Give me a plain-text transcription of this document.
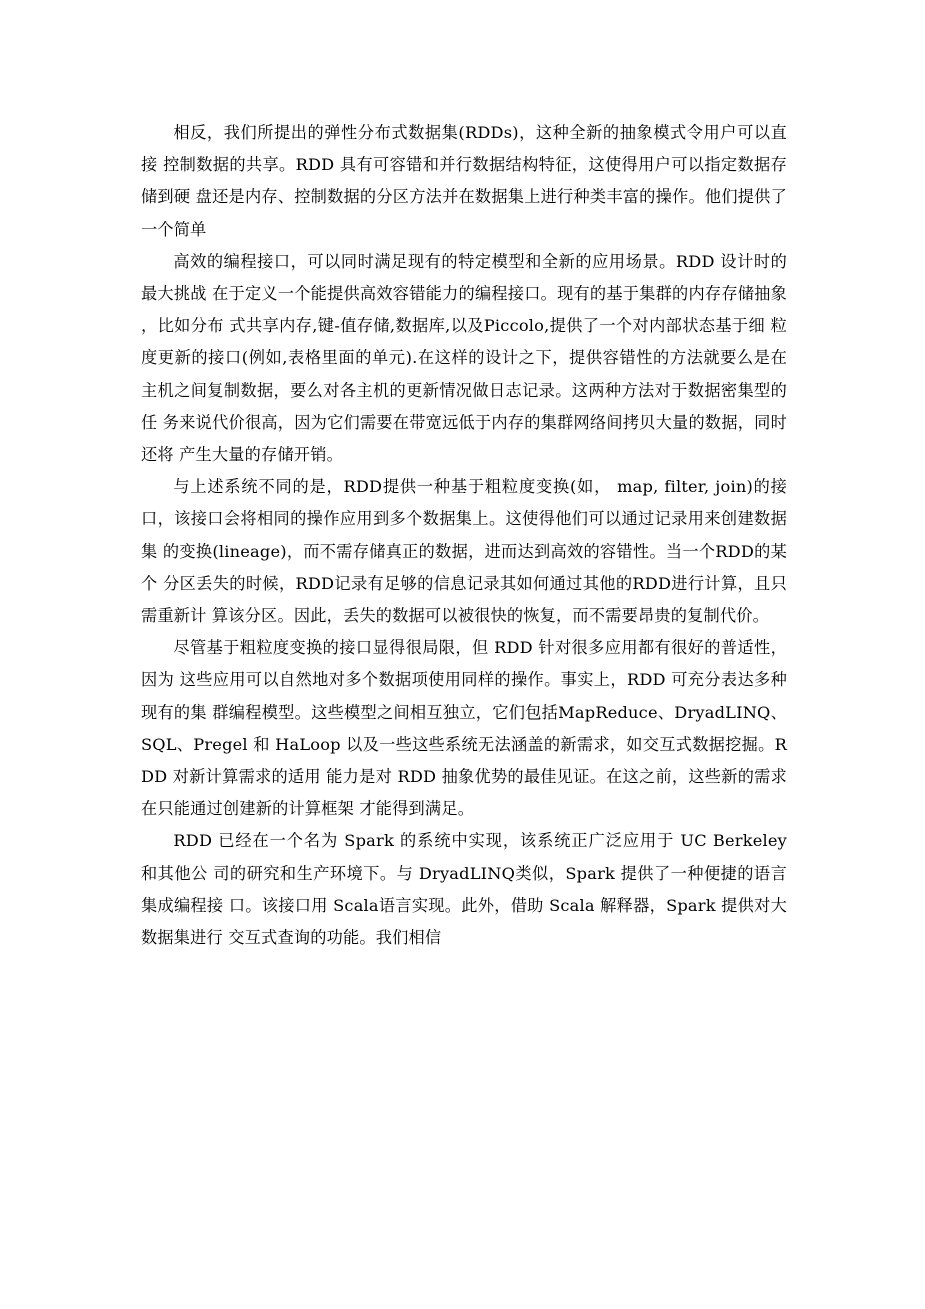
相反，我们所提出的弹性分布式数据集(RDDs)，这种全新的抽象模式令用户可以直接 控制数据的共享。RDD 具有可容错和并行数据结构特征，这使得用户可以指定数据存储到硬 盘还是内存、控制数据的分区方法并在数据集上进行种类丰富的操作。他们提供了一个简单

高效的编程接口，可以同时满足现有的特定模型和全新的应用场景。RDD 设计时的最大挑战 在于定义一个能提供高效容错能力的编程接口。现有的基于集群的内存存储抽象，比如分布 式共享内存,键-值存储,数据库,以及Piccolo,提供了一个对内部状态基于细 粒度更新的接口(例如,表格里面的单元).在这样的设计之下，提供容错性的方法就要么是在 主机之间复制数据，要么对各主机的更新情况做日志记录。这两种方法对于数据密集型的任 务来说代价很高，因为它们需要在带宽远低于内存的集群网络间拷贝大量的数据，同时还将 产生大量的存储开销。

与上述系统不同的是，RDD提供一种基于粗粒度变换(如， map, filter, join)的接 口，该接口会将相同的操作应用到多个数据集上。这使得他们可以通过记录用来创建数据集 的变换(lineage)，而不需存储真正的数据，进而达到高效的容错性。当一个RDD的某个 分区丢失的时候，RDD记录有足够的信息记录其如何通过其他的RDD进行计算，且只需重新计 算该分区。因此，丢失的数据可以被很快的恢复，而不需要昂贵的复制代价。

尽管基于粗粒度变换的接口显得很局限，但 RDD 针对很多应用都有很好的普适性，因为 这些应用可以自然地对多个数据项使用同样的操作。事实上，RDD 可充分表达多种现有的集 群编程模型。这些模型之间相互独立，它们包括MapReduce、DryadLINQ、SQL、Pregel 和 HaLoop 以及一些这些系统无法涵盖的新需求，如交互式数据挖掘。RDD 对新计算需求的适用 能力是对 RDD 抽象优势的最佳见证。在这之前，这些新的需求在只能通过创建新的计算框架 才能得到满足。

RDD 已经在一个名为 Spark 的系统中实现，该系统正广泛应用于 UC Berkeley 和其他公 司的研究和生产环境下。与 DryadLINQ类似，Spark 提供了一种便捷的语言集成编程接 口。该接口用 Scala语言实现。此外，借助 Scala 解释器，Spark 提供对大数据集进行 交互式查询的功能。我们相信
